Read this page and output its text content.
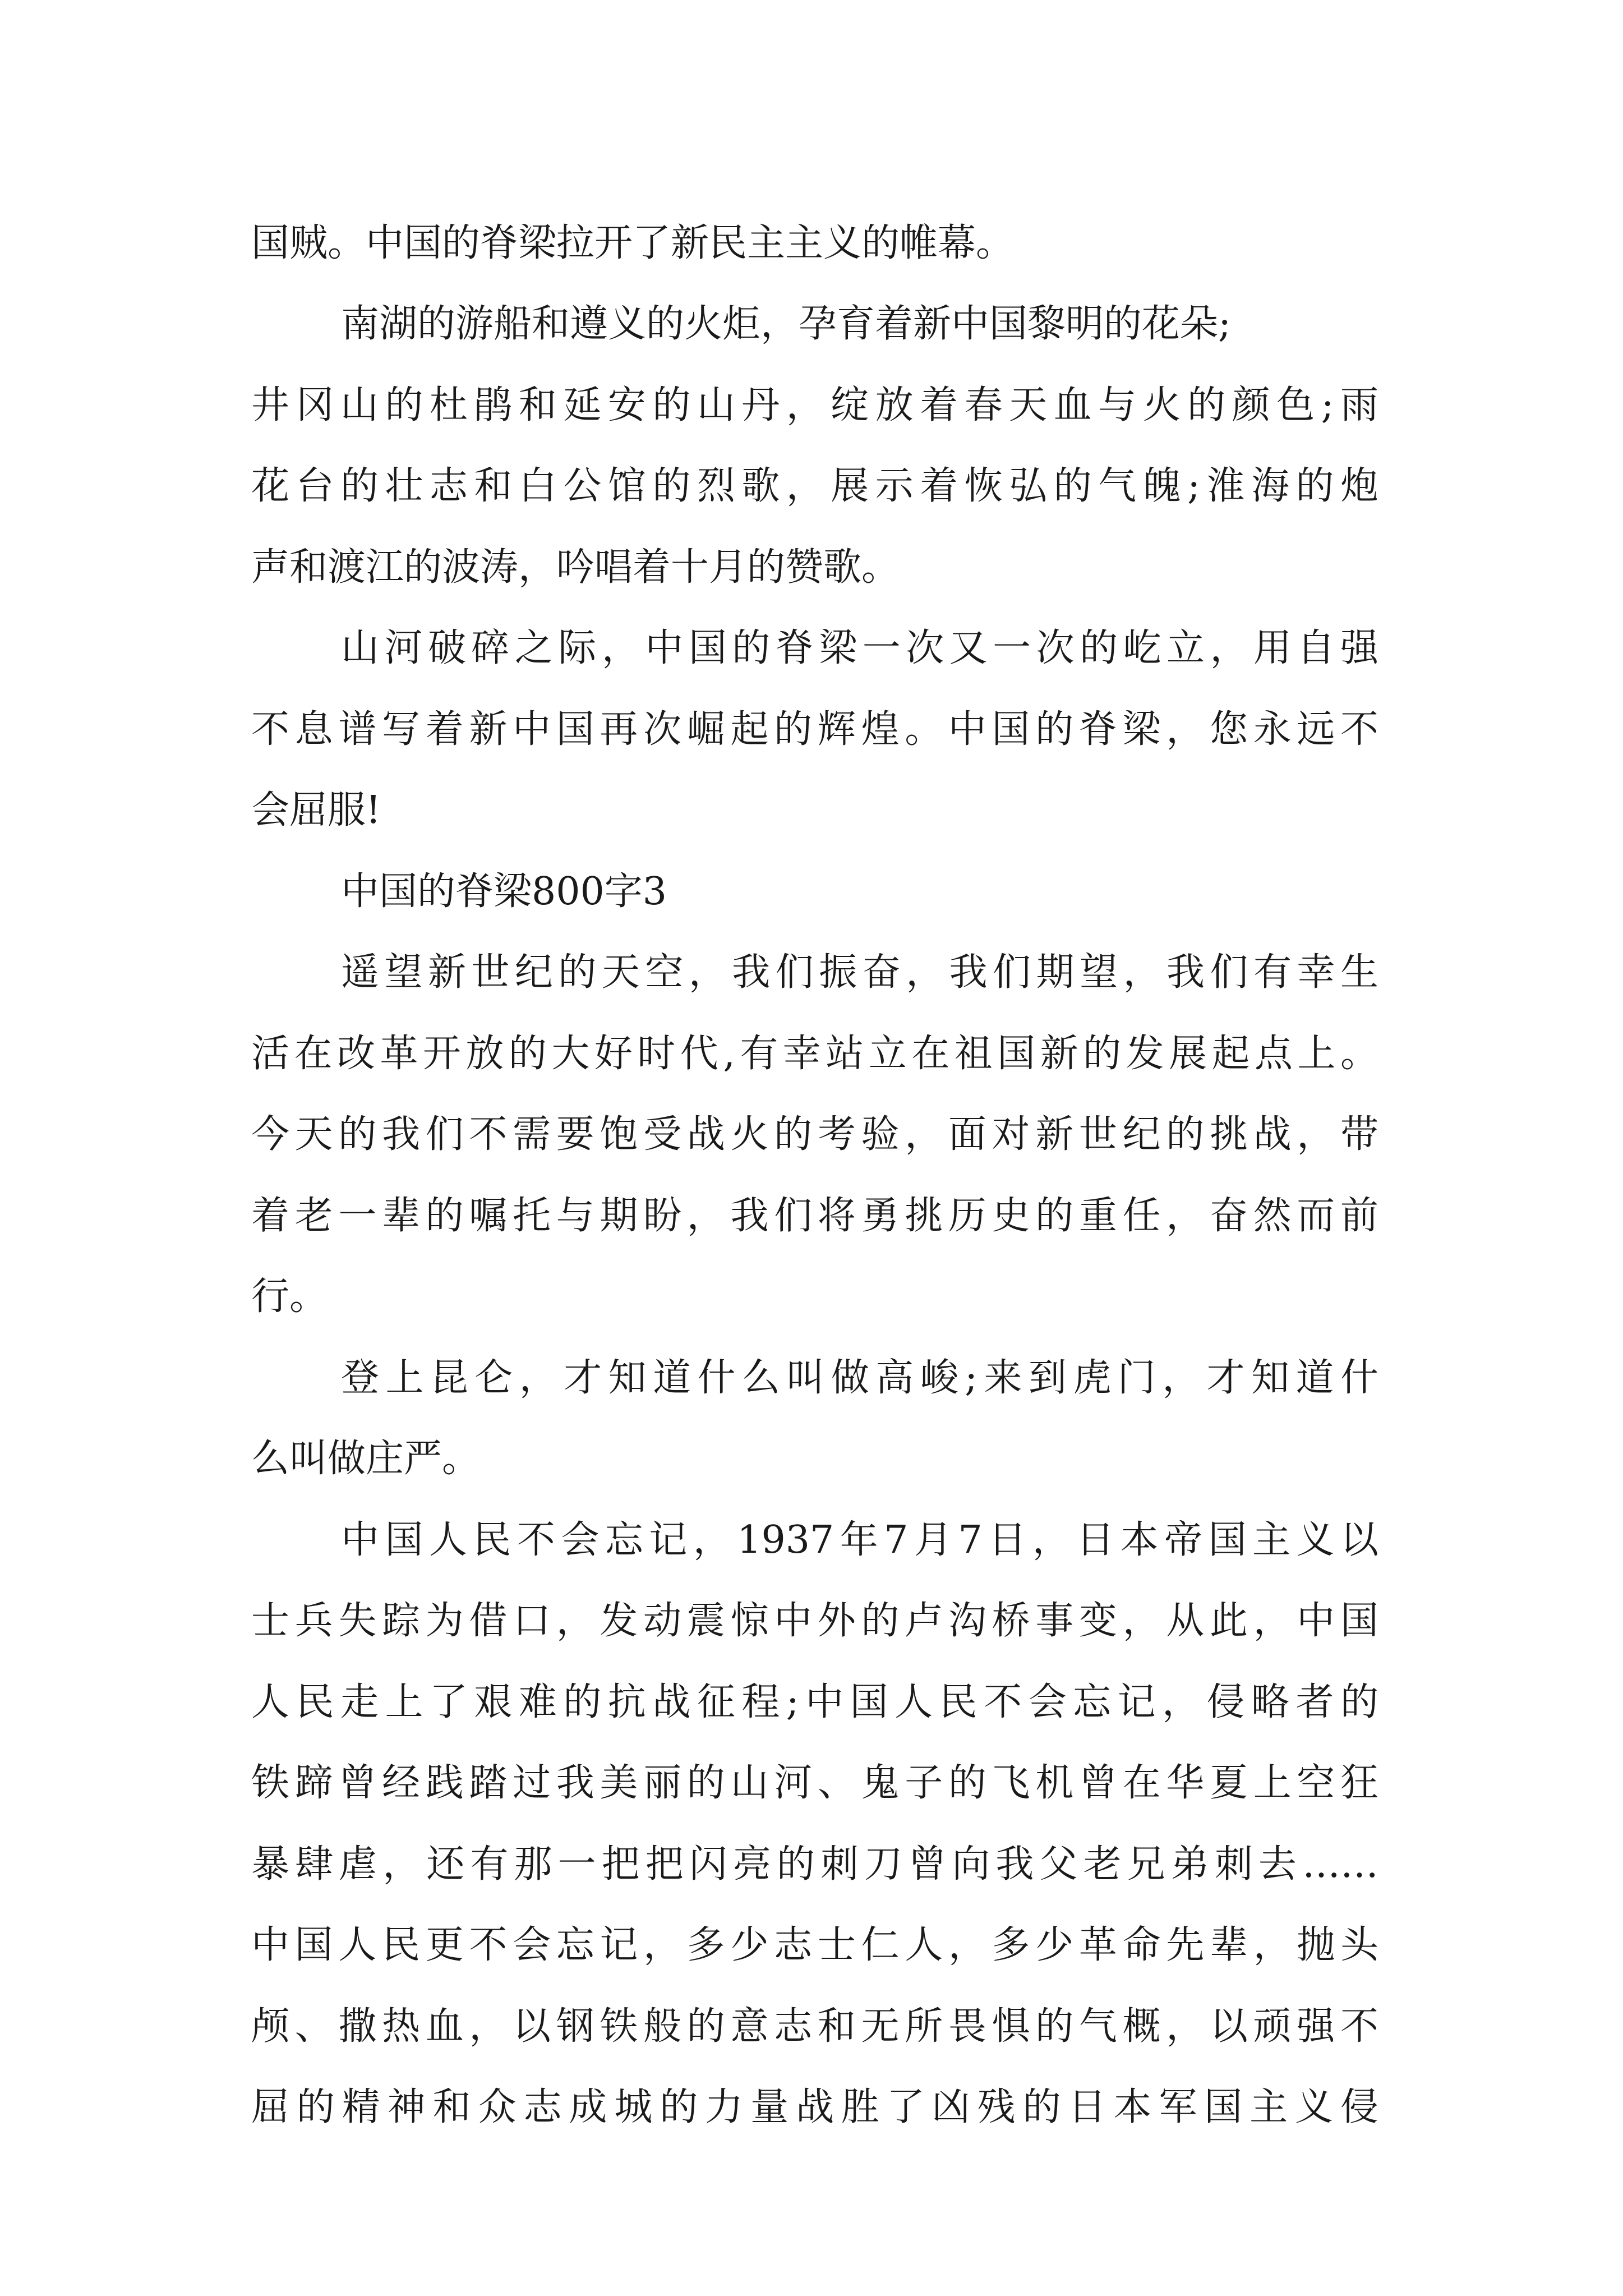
国贼。中国的脊梁拉开了新民主主义的帷幕。
南湖的游船和遵义的火炬，孕育着新中国黎明的花朵;
井冈山的杜鹃和延安的山丹，绽放着春天血与火的颜色;雨
花台的壮志和白公馆的烈歌，展示着恢弘的气魄;淮海的炮
声和渡江的波涛，吟唱着十月的赞歌。
山河破碎之际，中国的脊梁一次又一次的屹立，用自强
不息谱写着新中国再次崛起的辉煌。中国的脊梁，您永远不
会屈服!
中国的脊梁800字3
遥望新世纪的天空，我们振奋，我们期望，我们有幸生
活在改革开放的大好时代,有幸站立在祖国新的发展起点上。
今天的我们不需要饱受战火的考验，面对新世纪的挑战，带
着老一辈的嘱托与期盼，我们将勇挑历史的重任，奋然而前
行。
登上昆仑，才知道什么叫做高峻;来到虎门，才知道什
么叫做庄严。
中国人民不会忘记，1937年7月7日，日本帝国主义以
士兵失踪为借口，发动震惊中外的卢沟桥事变，从此，中国
人民走上了艰难的抗战征程;中国人民不会忘记，侵略者的
铁蹄曾经践踏过我美丽的山河、鬼子的飞机曾在华夏上空狂
暴肆虐，还有那一把把闪亮的刺刀曾向我父老兄弟刺去……
中国人民更不会忘记，多少志士仁人，多少革命先辈，抛头
颅、撒热血，以钢铁般的意志和无所畏惧的气概，以顽强不
屈的精神和众志成城的力量战胜了凶残的日本军国主义侵
